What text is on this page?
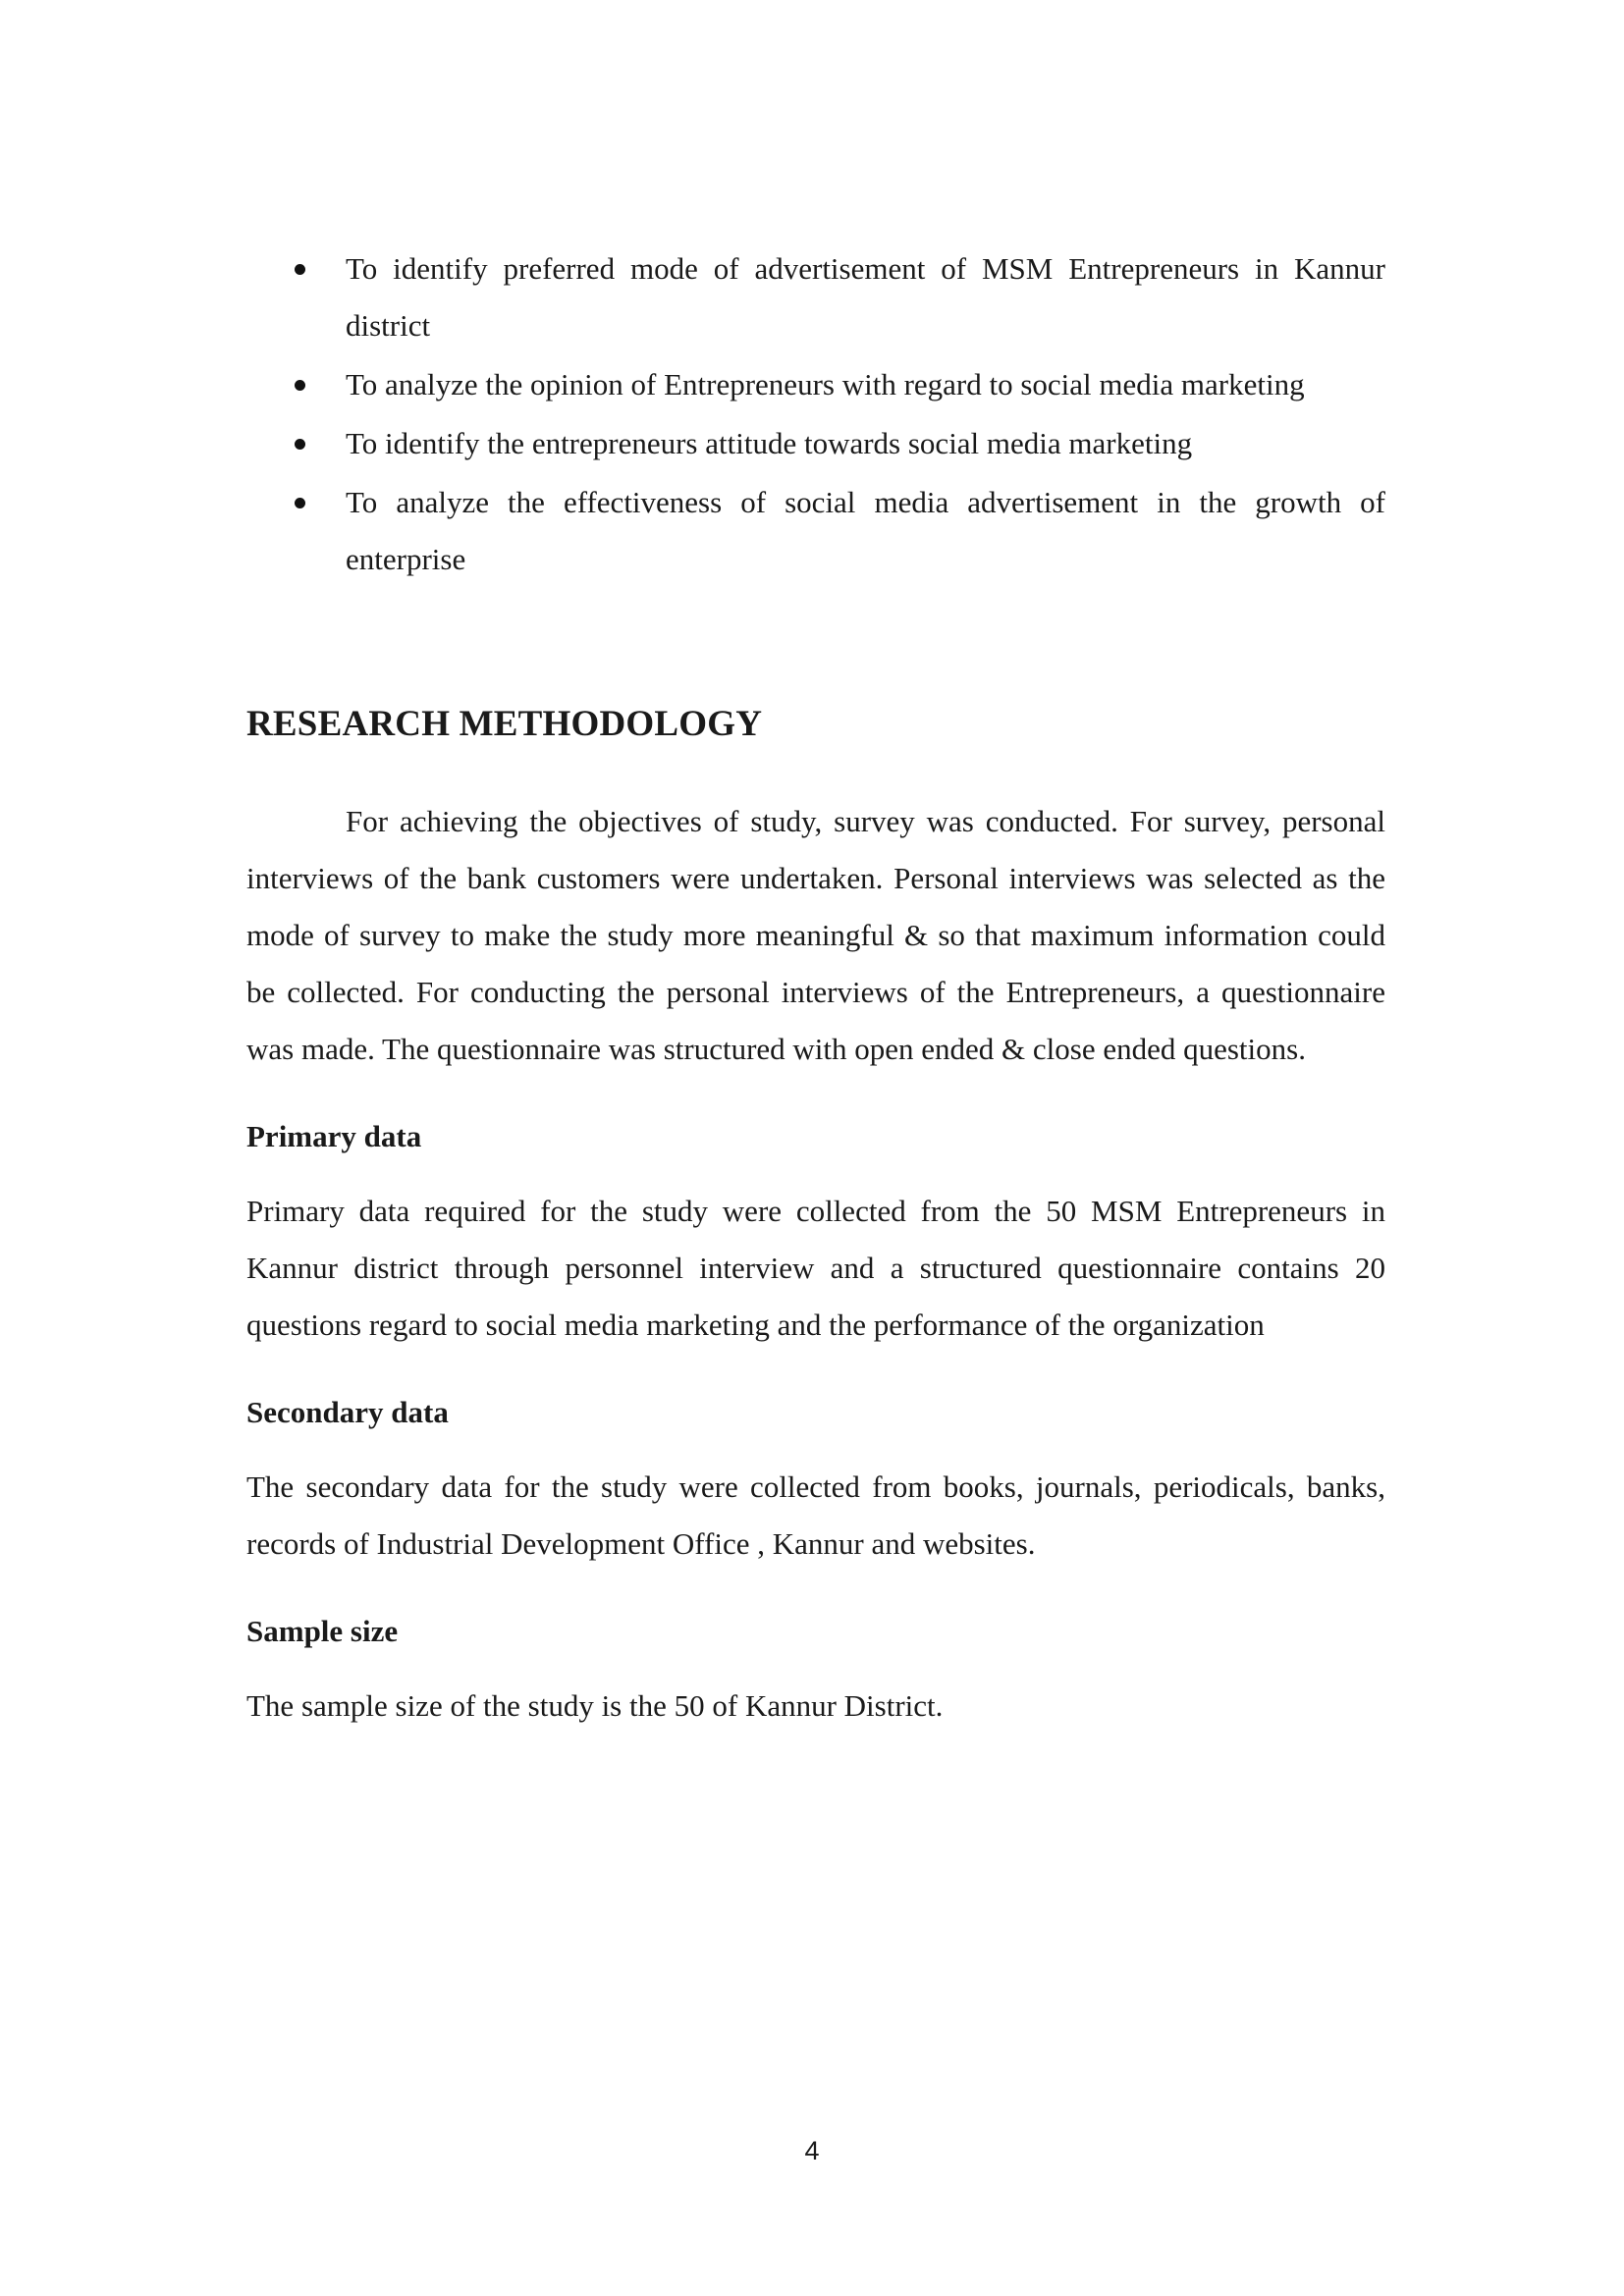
To identify preferred mode of advertisement of MSM Entrepreneurs in Kannur district
To analyze the opinion of Entrepreneurs with regard to social media marketing
To identify the entrepreneurs attitude towards social media marketing
To analyze the effectiveness of social media advertisement in the growth of enterprise
RESEARCH METHODOLOGY

For achieving the objectives of study, survey was conducted. For survey, personal interviews of the bank customers were undertaken. Personal interviews was selected as the mode of survey to make the study more meaningful & so that maximum information could be collected. For conducting the personal interviews of the Entrepreneurs, a questionnaire was made. The questionnaire was structured with open ended & close ended questions.

Primary data

Primary data required for the study were collected from the 50 MSM Entrepreneurs in Kannur district through personnel interview and a structured questionnaire contains 20 questions regard to social media marketing and the performance of the organization

Secondary data

The secondary data for the study were collected from books, journals, periodicals, banks, records of Industrial Development Office , Kannur and websites.

Sample size

The sample size of the study is the 50 of Kannur District.

4
